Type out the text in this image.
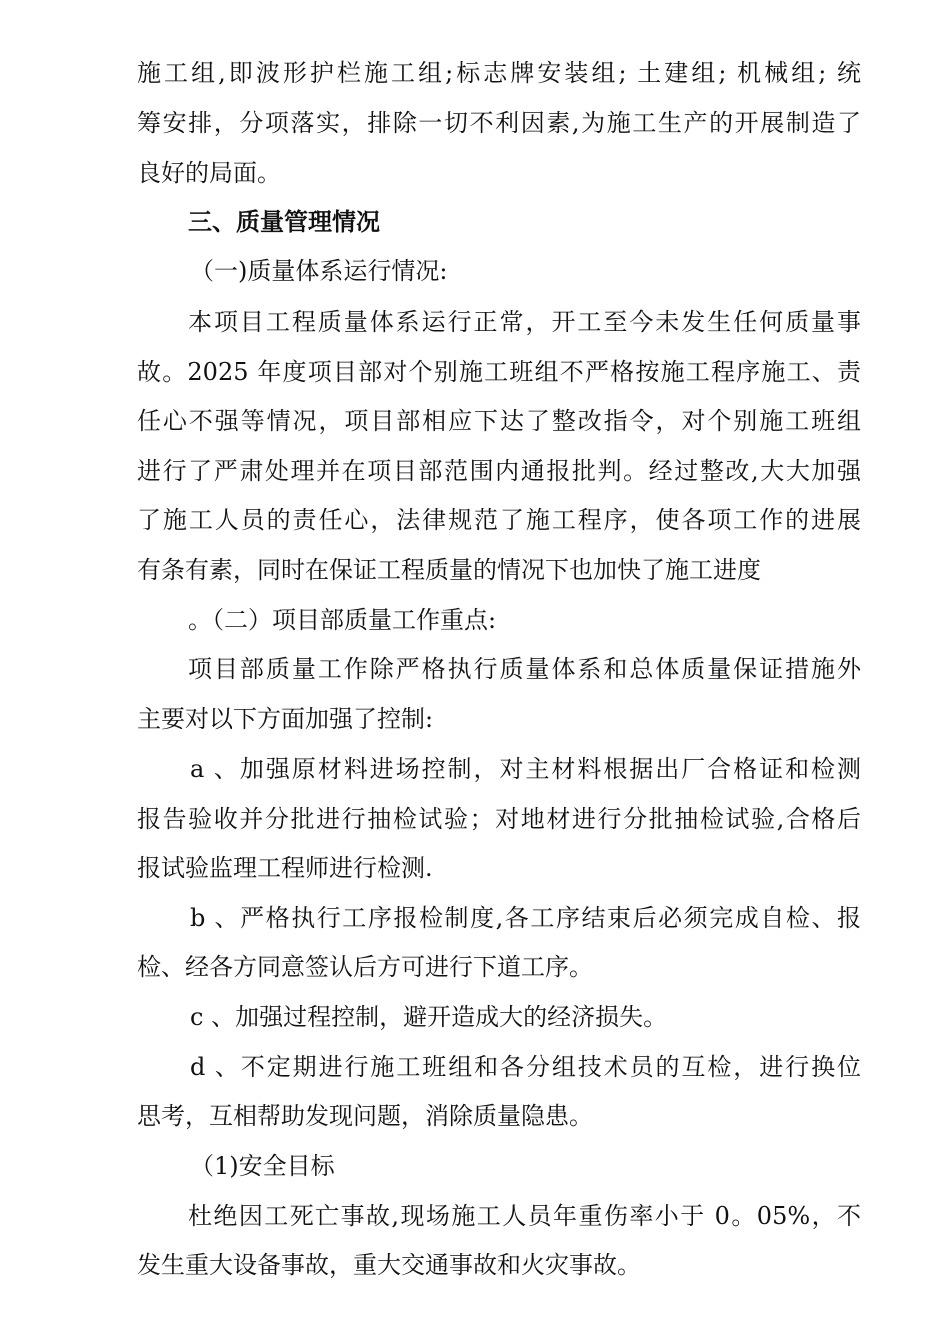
施工组,即波形护栏施工组;标志牌安装组; 土建组; 机械组; 统
筹安排，分项落实，排除一切不利因素,为施工生产的开展制造了
良好的局面。
三、质量管理情况
（一)质量体系运行情况:
本项目工程质量体系运行正常，开工至今未发生任何质量事
故。2025 年度项目部对个别施工班组不严格按施工程序施工、责
任心不强等情况，项目部相应下达了整改指令，对个别施工班组
进行了严肃处理并在项目部范围内通报批判。经过整改,大大加强
了施工人员的责任心，法律规范了施工程序，使各项工作的进展
有条有素，同时在保证工程质量的情况下也加快了施工进度
。（二）项目部质量工作重点:
项目部质量工作除严格执行质量体系和总体质量保证措施外
主要对以下方面加强了控制:
a 、加强原材料进场控制，对主材料根据出厂合格证和检测
报告验收并分批进行抽检试验；对地材进行分批抽检试验,合格后
报试验监理工程师进行检测.
b 、严格执行工序报检制度,各工序结束后必须完成自检、报
检、经各方同意签认后方可进行下道工序。
c 、加强过程控制，避开造成大的经济损失。
d 、不定期进行施工班组和各分组技术员的互检，进行换位
思考，互相帮助发现问题，消除质量隐患。
（1)安全目标
杜绝因工死亡事故,现场施工人员年重伤率小于 0。05%，不
发生重大设备事故，重大交通事故和火灾事故。
